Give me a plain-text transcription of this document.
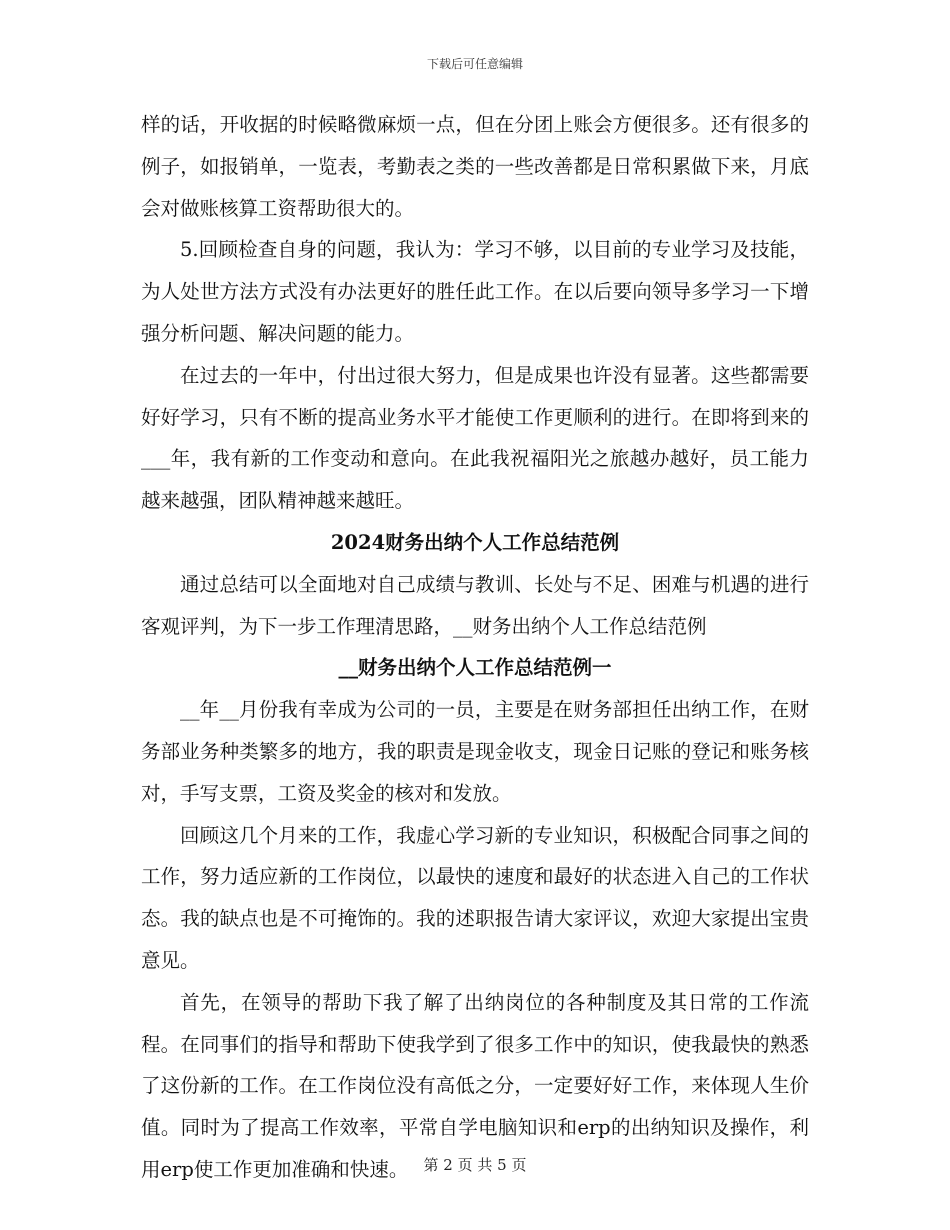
下载后可任意编辑

样的话，开收据的时候略微麻烦一点，但在分团上账会方便很多。还有很多的例子，如报销单，一览表，考勤表之类的一些改善都是日常积累做下来，月底会对做账核算工资帮助很大的。

5.回顾检查自身的问题，我认为：学习不够，以目前的专业学习及技能，为人处世方法方式没有办法更好的胜任此工作。在以后要向领导多学习一下增强分析问题、解决问题的能力。

在过去的一年中，付出过很大努力，但是成果也许没有显著。这些都需要好好学习，只有不断的提高业务水平才能使工作更顺利的进行。在即将到来的___年，我有新的工作变动和意向。在此我祝福阳光之旅越办越好，员工能力越来越强，团队精神越来越旺。

2024财务出纳个人工作总结范例

通过总结可以全面地对自己成绩与教训、长处与不足、困难与机遇的进行客观评判，为下一步工作理清思路，__财务出纳个人工作总结范例

__财务出纳个人工作总结范例一

__年__月份我有幸成为公司的一员，主要是在财务部担任出纳工作，在财务部业务种类繁多的地方，我的职责是现金收支，现金日记账的登记和账务核对，手写支票，工资及奖金的核对和发放。

回顾这几个月来的工作，我虚心学习新的专业知识，积极配合同事之间的工作，努力适应新的工作岗位，以最快的速度和最好的状态进入自己的工作状态。我的缺点也是不可掩饰的。我的述职报告请大家评议，欢迎大家提出宝贵意见。

首先，在领导的帮助下我了解了出纳岗位的各种制度及其日常的工作流程。在同事们的指导和帮助下使我学到了很多工作中的知识，使我最快的熟悉了这份新的工作。在工作岗位没有高低之分，一定要好好工作，来体现人生价值。同时为了提高工作效率，平常自学电脑知识和erp的出纳知识及操作，利用erp使工作更加准确和快速。	第 2 页 共 5 页
